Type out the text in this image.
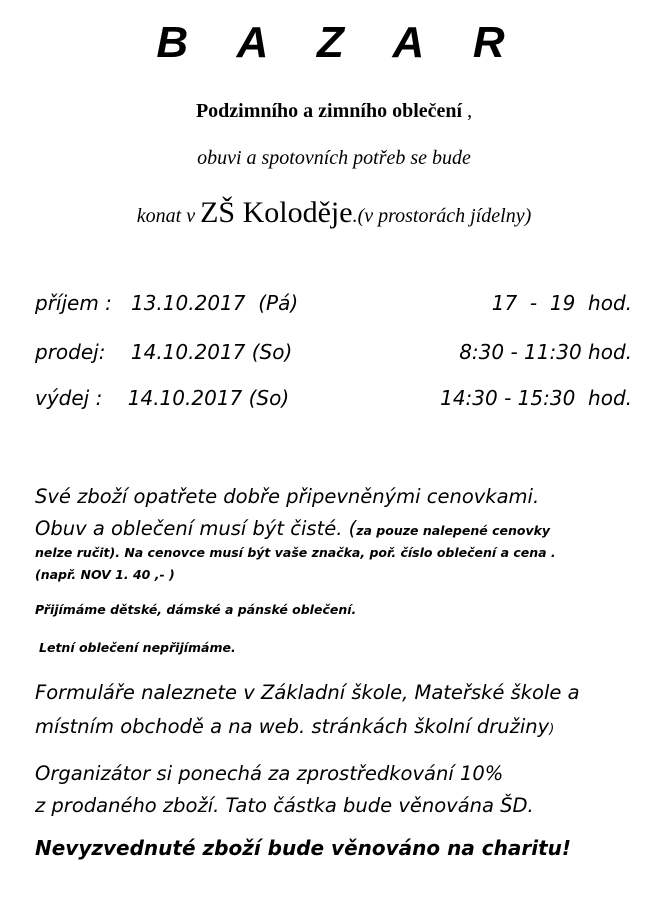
B A Z A R
Podzimního a zimního oblečení ,
obuvi a spotovních potřeb se bude
konat v ZŠ Koloděje.(v prostorách jídelny)
příjem :   13.10.2017  (Pá)	17  -  19  hod.
prodej:    14.10.2017 (So)	8:30 - 11:30 hod.
výdej :    14.10.2017 (So)	14:30 - 15:30  hod.
Své zboží opatřete dobře připevněnými cenovkami.
Obuv a oblečení musí být čisté. (za pouze nalepené cenovky
nelze ručit). Na cenovce musí být vaše značka, poř. číslo oblečení a cena .
(např. NOV 1. 40 ,- )
Přijímáme dětské, dámské a pánské oblečení.
Letní oblečení nepřijímáme.
Formuláře naleznete v Základní škole, Mateřské škole a
místním obchodě a na web. stránkách školní družiny)
Organizátor si ponechá za zprostředkování 10%
z prodaného zboží. Tato částka bude věnována ŠD.
Nevyzvednuté zboží bude věnováno na charitu!
